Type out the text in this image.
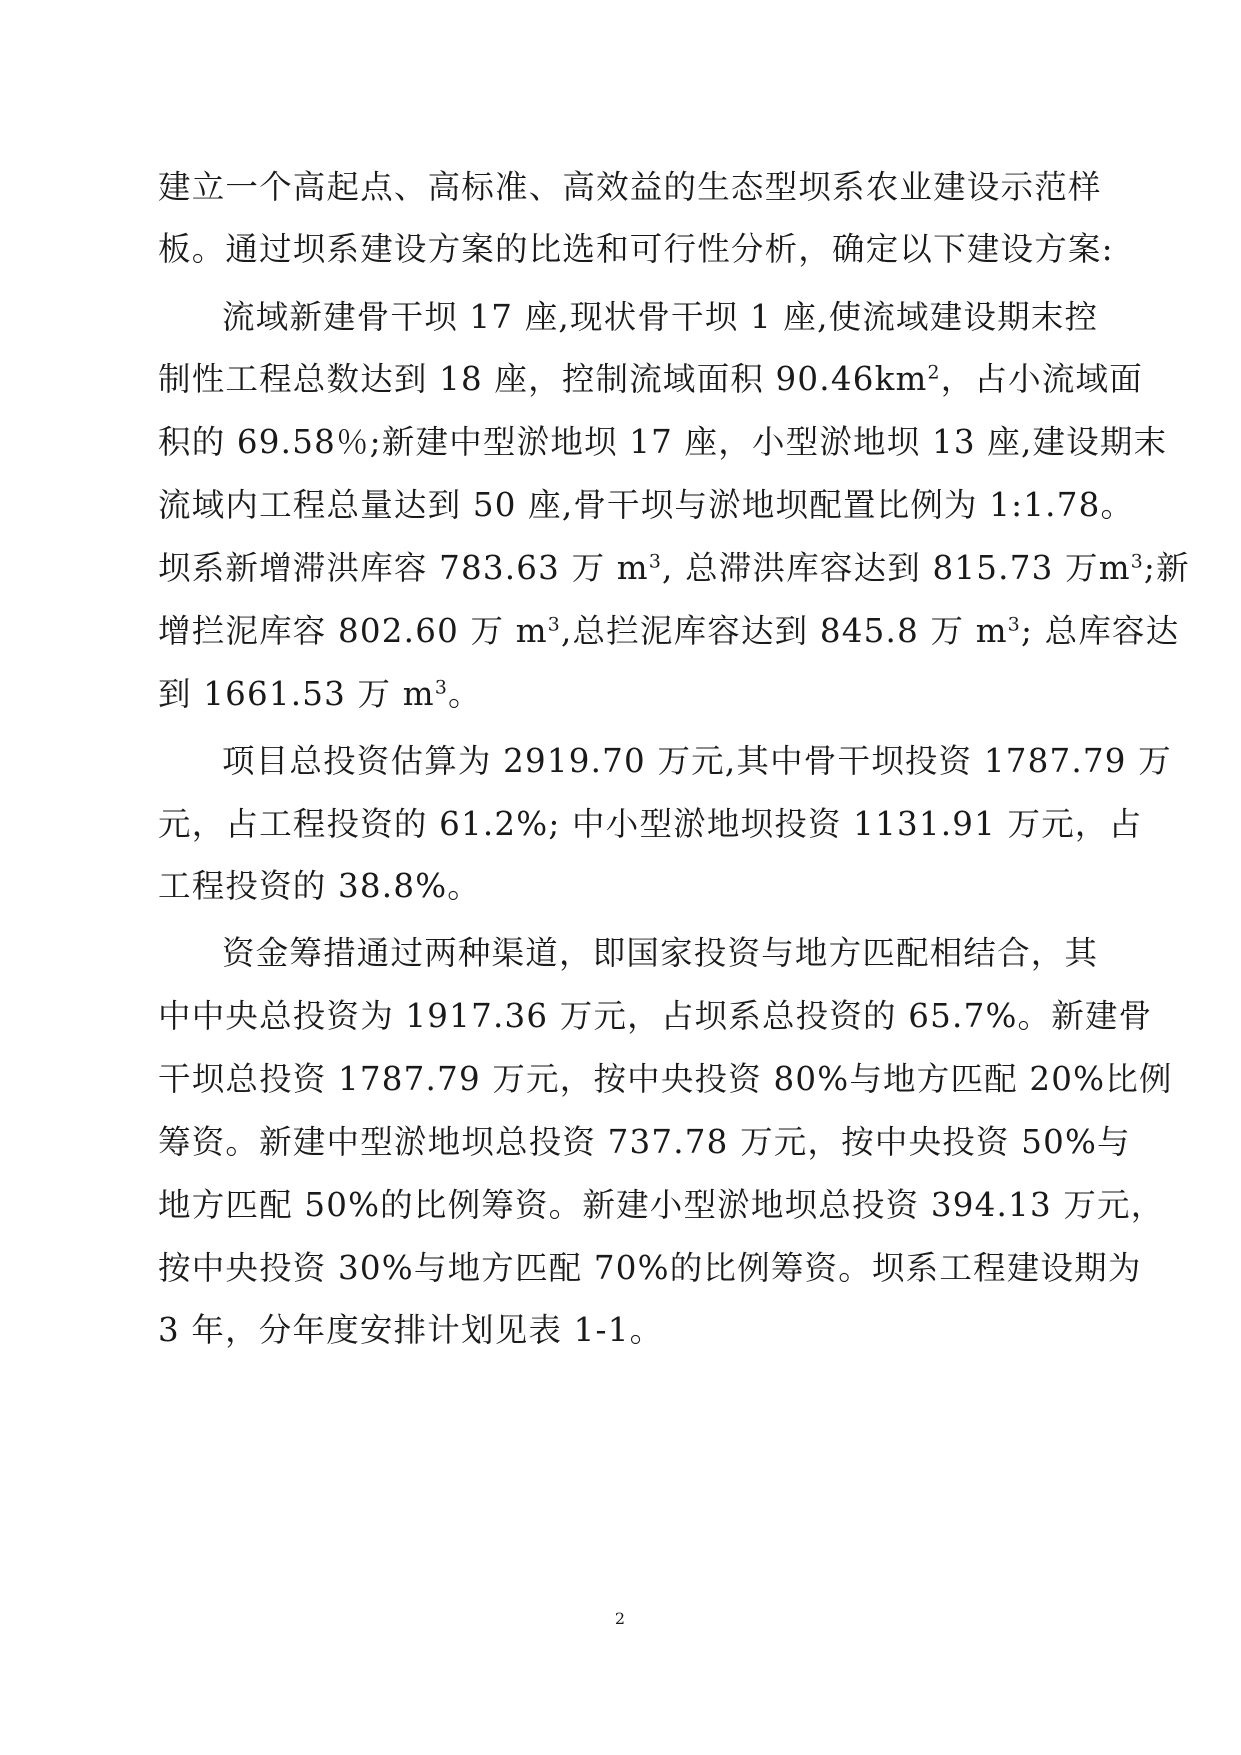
建立一个高起点、高标准、高效益的生态型坝系农业建设示范样
板。通过坝系建设方案的比选和可行性分析，确定以下建设方案:
流域新建骨干坝 17 座,现状骨干坝 1 座,使流域建设期末控
制性工程总数达到 18 座，控制流域面积 $90.46km^2$，占小流域面
积的 69.58％;新建中型淤地坝 17 座，小型淤地坝 13 座,建设期末
流域内工程总量达到 50 座,骨干坝与淤地坝配置比例为 1:1.78。
坝系新增滞洪库容 783.63 万 $m^3$, 总滞洪库容达到 815.73 万$m^3$;新
增拦泥库容 802.60 万 $m^3$,总拦泥库容达到 845.8 万 $m^3$; 总库容达
到 1661.53 万 $m^3$。
项目总投资估算为 2919.70 万元,其中骨干坝投资 1787.79 万
元，占工程投资的 61.2%; 中小型淤地坝投资 1131.91 万元，占
工程投资的 38.8%。
资金筹措通过两种渠道，即国家投资与地方匹配相结合，其
中中央总投资为 1917.36 万元，占坝系总投资的 65.7%。新建骨
干坝总投资 1787.79 万元，按中央投资 80%与地方匹配 20%比例
筹资。新建中型淤地坝总投资 737.78 万元，按中央投资 50%与
地方匹配 50%的比例筹资。新建小型淤地坝总投资 394.13 万元，
按中央投资 30%与地方匹配 70%的比例筹资。坝系工程建设期为
3 年，分年度安排计划见表 1-1。
2
